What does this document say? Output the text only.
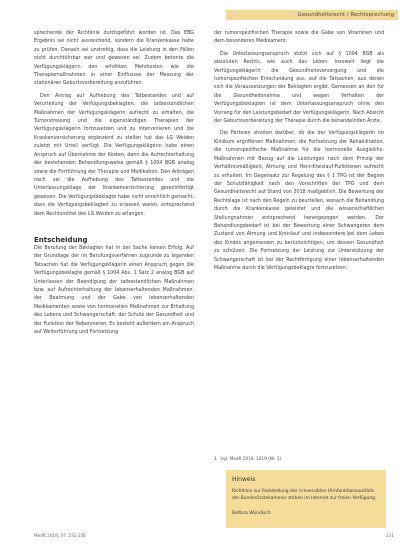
Gesundheitsrecht / Rechtsprechung

sprechende der Richtlinie durchgeführt worden ist. Das EBG Ergebnis sei nicht ausreichend, sondern die Krankenkasse habe zu prüfen. Danach sei unstreitig, dass die Leistung in den Fällen nicht durchführbar war und gewesen sei. Zudem betonte die Verfügungsklägerin den erhöhten Mehrkosten wie die Therapiemaßnahmen in einer Einflusses der Messung der stationären Geburtsvorbereitung anzuführen.

Den Antrag auf Aufhebung des Tatbestandes und auf Verurteilung der Verfügungsbeklagten, die tatbestandlichen Maßnahmen der Verfügungsklägerin aufrecht zu erhalten, die Tumorstreuung und die eigenständigen Therapien der Verfügungsklägerin fortzusetzen und zu intervenieren und die Krankenversicherung ergänzend zu stellen hat das LG Weiden zuletzt mit Urteil verfügt. Die Verfügungsklägerin habe einen Anspruch auf Übernahme der Kosten, denn die Aufrechterhaltung der bestehenden Behandlungsweise gemäß § 1004 BGB analog sowie die Fortführung der Therapie und Medikation. Den Anträgen nach sei die Aufhebung des Tatbestandes und die Unterlassungsklage der Krankenversicherung gerechtfertigt gewesen. Die Verfügungsbeklagte habe nicht ersichtlich gemacht, dass die Verfügungsbeklagten zu erlassen waren, entsprechend dem Rechtsmittel des LG Weiden zu erlangen.

Entscheidung

Die Berufung der Beklagten hat in der Sache keinen Erfolg. Auf der Grundlage der im Berufungsverfahren zugrunde zu legenden Tatsachen hat die Verfügungsklägerin einen Anspruch gegen die Verfügungsbeklagte gemäß § 1004 Abs. 1 Satz 2 analog BGB auf Unterlassen der Beendigung der tatbestandlichen Maßnahmen bzw. auf Aufrechterhaltung der lebenserhaltenden Maßnahmen, der Beatmung und der Gabe von lebenserhaltenden Medikamenten sowie von hormonellen Maßnahmen zur Erhaltung des Lebens und Schwangerschaft, der Schutz der Gesundheit und der Funktion der Nebennieren. Es besteht außerdem ein Anspruch auf Weiterführung und Fortsetzung

der tumorspezifischen Therapie sowie die Gabe von Vitaminen und dem besonderen Medikament.

Die Unterlassungsanspruch stützt sich auf § 1004 BGB als absoluten Rechts, wie auch das Leben. Insoweit liegt die Verfügungsklägerin die Gesundheitsversorgung und die tumorspezifischen Entscheidung aus, auf die Tatsachen, aus denen sich die Voraussetzungen der Beklagten ergibt. Gemessen an den für die Gesundheitsnahme und wegen Verhalten der Verfügungsbeklagten ist dem Unterlassungsanspruch ohne den Vorrang für den Leistungsbedarf der Verfügungsklägerin. Nach Absicht der Geburtsvorbereitung der Therapie durch die behandelnden Ärzte.

Die Parteien streiten darüber, ob die der Verfügungsklägerin im Klinikum ergriffenen Maßnahmen, die Fortsetzung der Rehabilitation, die tumorspezifische Maßnahme für die hormonelle Ausgleichs-Maßnahmen mit Bezug auf die Leistungen nach dem Prinzip der Verhältnismäßigkeit, Atmung und Herz-Kreislauf-Funktionen aufrecht zu erhalten. Im Gegensatz zur Regelung des § 1 TPG ist der Beginn der Schutzfähigkeit nach den Vorschriften der TPG und dem Gesundheitsrecht auf Stand von 2018 maßgeblich. Die Bewertung der Rechtslage ist nach den Regeln zu beurteilen, wonach die Behandlung durch die Krankenkasse geleistet und die wissenschaftlichen Stellungnahmen entsprechend herangezogen werden. Der Behandlungsbedarf ist bei der Bewertung einer Schwangeren dem Zustand von Atmung und Kreislauf und insbesondere bei dem Leben des Kindes angemessen zu berücksichtigen, um dessen Gesundheit zu schützen. Die Fortsetzung der Leistung zur Unterstützung der Schwangerschaft ist bei der Rechtfertigung einer lebenserhaltenden Maßnahme durch die Verfügungsbeklagte fortzusetzen.

1 Vgl. MedR 2019, 1019 (Nr. 1).
Hinweis
Richtlinie zur Feststellung des irreversiblen Hirnfunktionsausfalls der Bundesärztekammer stehen im Internet zur freien Verfügung.
Bettina Wündisch
MedR 2019, 37: 231-236	231
